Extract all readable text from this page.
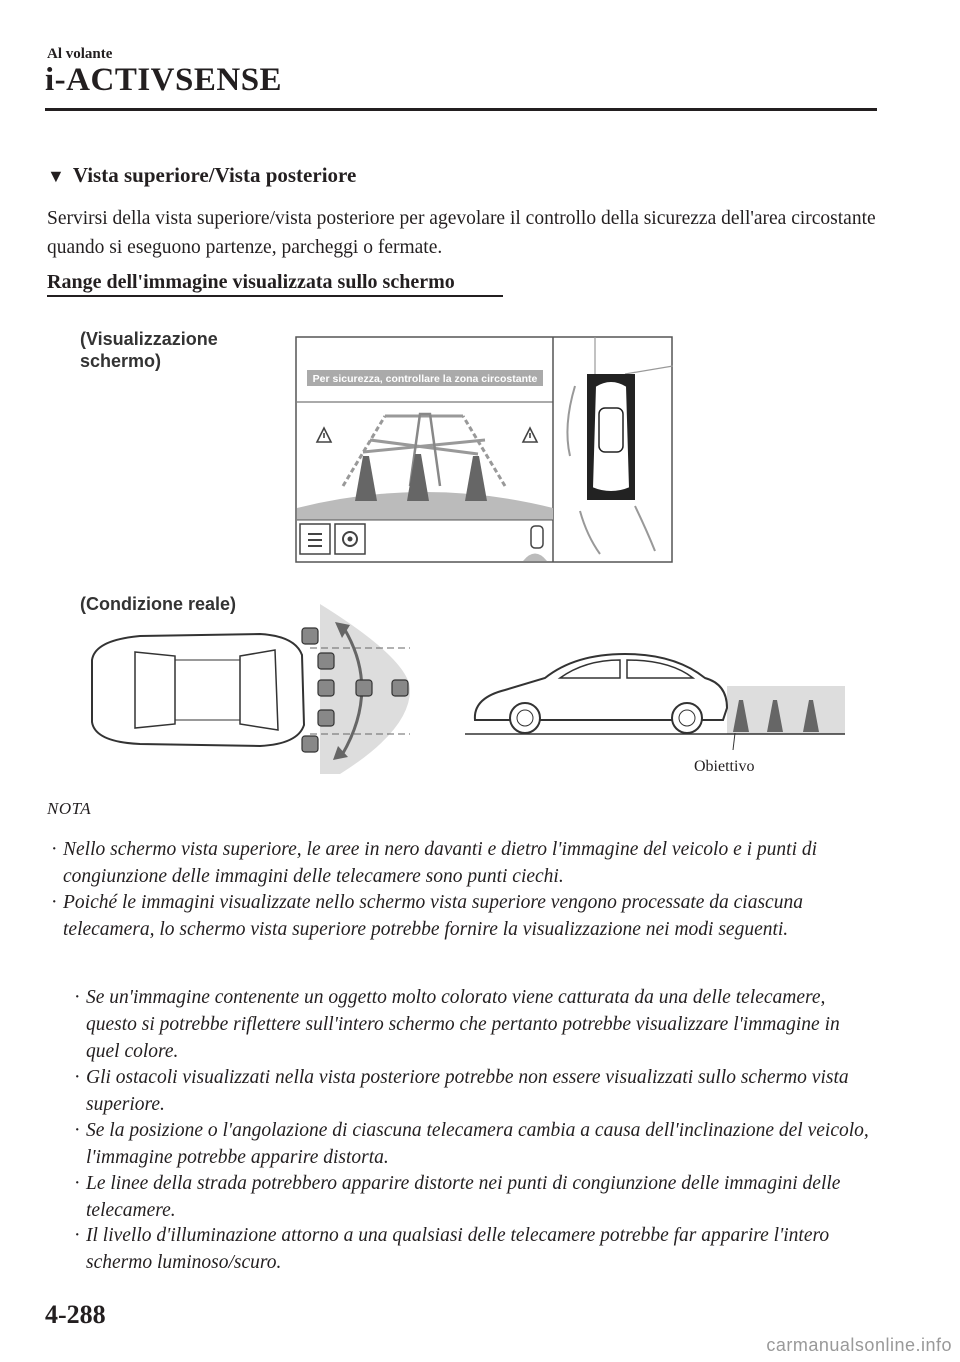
Al volante
i-ACTIVSENSE
▼ Vista superiore/Vista posteriore
Servirsi della vista superiore/vista posteriore per agevolare il controllo della sicurezza dell'area circostante quando si eseguono partenze, parcheggi o fermate.
Range dell'immagine visualizzata sullo schermo
(Visualizzazione
schermo)
(Condizione reale)
Obiettivo
Per sicurezza, controllare la zona circostante
NOTA
· Nello schermo vista superiore, le aree in nero davanti e dietro l'immagine del veicolo e i punti di congiunzione delle immagini delle telecamere sono punti ciechi.
· Poiché le immagini visualizzate nello schermo vista superiore vengono processate da ciascuna telecamera, lo schermo vista superiore potrebbe fornire la visualizzazione nei modi seguenti.
· Se un'immagine contenente un oggetto molto colorato viene catturata da una delle telecamere, questo si potrebbe riflettere sull'intero schermo che pertanto potrebbe visualizzare l'immagine in quel colore.
· Gli ostacoli visualizzati nella vista posteriore potrebbe non essere visualizzati sullo schermo vista superiore.
· Se la posizione o l'angolazione di ciascuna telecamera cambia a causa dell'inclinazione del veicolo, l'immagine potrebbe apparire distorta.
· Le linee della strada potrebbero apparire distorte nei punti di congiunzione delle immagini delle telecamere.
· Il livello d'illuminazione attorno a una qualsiasi delle telecamere potrebbe far apparire l'intero schermo luminoso/scuro.
4-288
carmanualsonline.info
